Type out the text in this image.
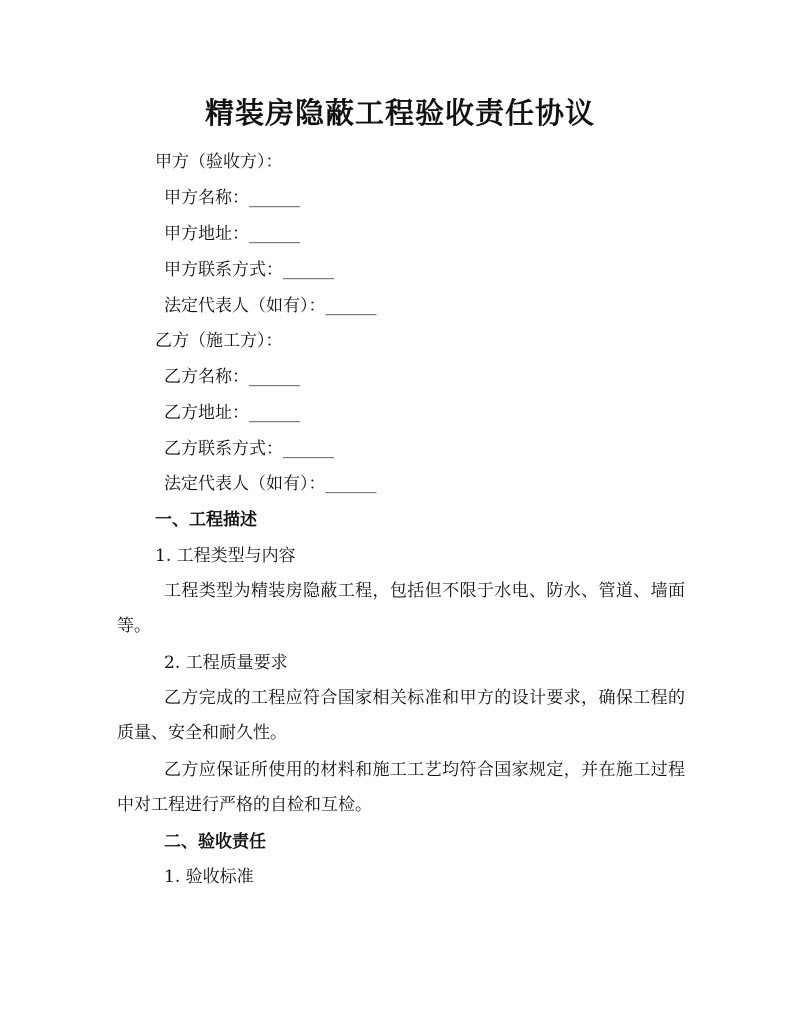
精装房隐蔽工程验收责任协议

甲方（验收方）：

甲方名称：______

甲方地址：______

甲方联系方式：______

法定代表人（如有）：______

乙方（施工方）：

乙方名称：______

乙方地址：______

乙方联系方式：______

法定代表人（如有）：______

一、工程描述

1. 工程类型与内容

工程类型为精装房隐蔽工程，包括但不限于水电、防水、管道、墙面等。

2. 工程质量要求

乙方完成的工程应符合国家相关标准和甲方的设计要求，确保工程的质量、安全和耐久性。

乙方应保证所使用的材料和施工工艺均符合国家规定，并在施工过程中对工程进行严格的自检和互检。

二、验收责任

1. 验收标准
